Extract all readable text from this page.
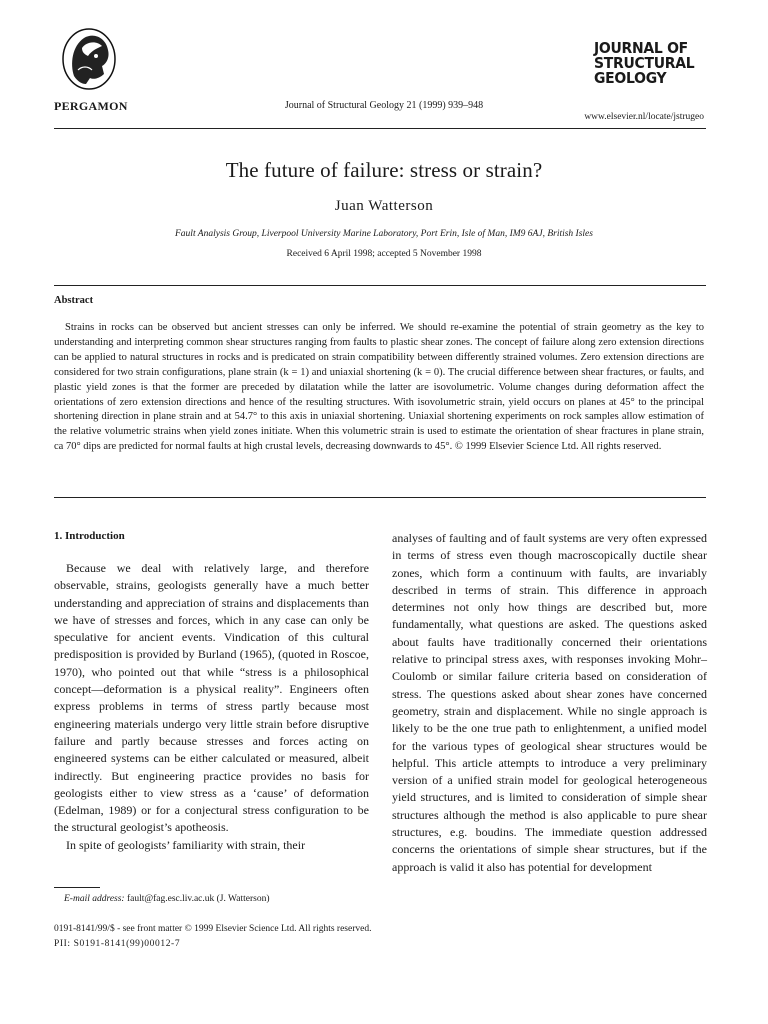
PERGAMON	Journal of Structural Geology 21 (1999) 939–948
JOURNAL OF
STRUCTURAL
GEOLOGY
www.elsevier.nl/locate/jstrugeo
The future of failure: stress or strain?
Juan Watterson
Fault Analysis Group, Liverpool University Marine Laboratory, Port Erin, Isle of Man, IM9 6AJ, British Isles
Received 6 April 1998; accepted 5 November 1998
Abstract
Strains in rocks can be observed but ancient stresses can only be inferred. We should re-examine the potential of strain geometry as the key to understanding and interpreting common shear structures ranging from faults to plastic shear zones. The concept of failure along zero extension directions can be applied to natural structures in rocks and is predicated on strain compatibility between differently strained volumes. Zero extension directions are considered for two strain configurations, plane strain (k = 1) and uniaxial shortening (k = 0). The crucial difference between shear fractures, or faults, and plastic yield zones is that the former are preceded by dilatation while the latter are isovolumetric. Volume changes during deformation affect the orientations of zero extension directions and hence of the resulting structures. With isovolumetric strain, yield occurs on planes at 45° to the principal shortening direction in plane strain and at 54.7° to this axis in uniaxial shortening. Uniaxial shortening experiments on rock samples allow estimation of the relative volumetric strains when yield zones initiate. When this volumetric strain is used to estimate the orientation of shear fractures in plane strain, ca 70° dips are predicted for normal faults at high crustal levels, decreasing downwards to 45°. © 1999 Elsevier Science Ltd. All rights reserved.
1. Introduction

Because we deal with relatively large, and therefore observable, strains, geologists generally have a much better understanding and appreciation of strains and displacements than we have of stresses and forces, which in any case can only be speculative for ancient events. Vindication of this cultural predisposition is provided by Burland (1965), (quoted in Roscoe, 1970), who pointed out that while “stress is a philosophical concept—deformation is a physical reality”. Engineers often express problems in terms of stress partly because most engineering materials undergo very little strain before disruptive failure and partly because stresses and forces acting on engineered systems can be either calculated or measured, albeit indirectly. But engineering practice provides no basis for geologists either to view stress as a ‘cause’ of deformation (Edelman, 1989) or for a conjectural stress configuration to be the structural geologist’s apotheosis.

In spite of geologists’ familiarity with strain, their

analyses of faulting and of fault systems are very often expressed in terms of stress even though macroscopically ductile shear zones, which form a continuum with faults, are invariably described in terms of strain. This difference in approach determines not only how things are described but, more fundamentally, what questions are asked. The questions asked about faults have traditionally concerned their orientations relative to principal stress axes, with responses invoking Mohr–Coulomb or similar failure criteria based on consideration of stress. The questions asked about shear zones have concerned geometry, strain and displacement. While no single approach is likely to be the one true path to enlightenment, a unified model for the various types of geological shear structures would be helpful. This article attempts to introduce a very preliminary version of a unified strain model for geological heterogeneous yield structures, and is limited to consideration of simple shear structures although the method is also applicable to pure shear structures, e.g. boudins. The immediate question addressed concerns the orientations of simple shear structures, but if the approach is valid it also has potential for development

E-mail address: fault@fag.esc.liv.ac.uk (J. Watterson)
0191-8141/99/$ - see front matter © 1999 Elsevier Science Ltd. All rights reserved.
PII: S0191-8141(99)00012-7
